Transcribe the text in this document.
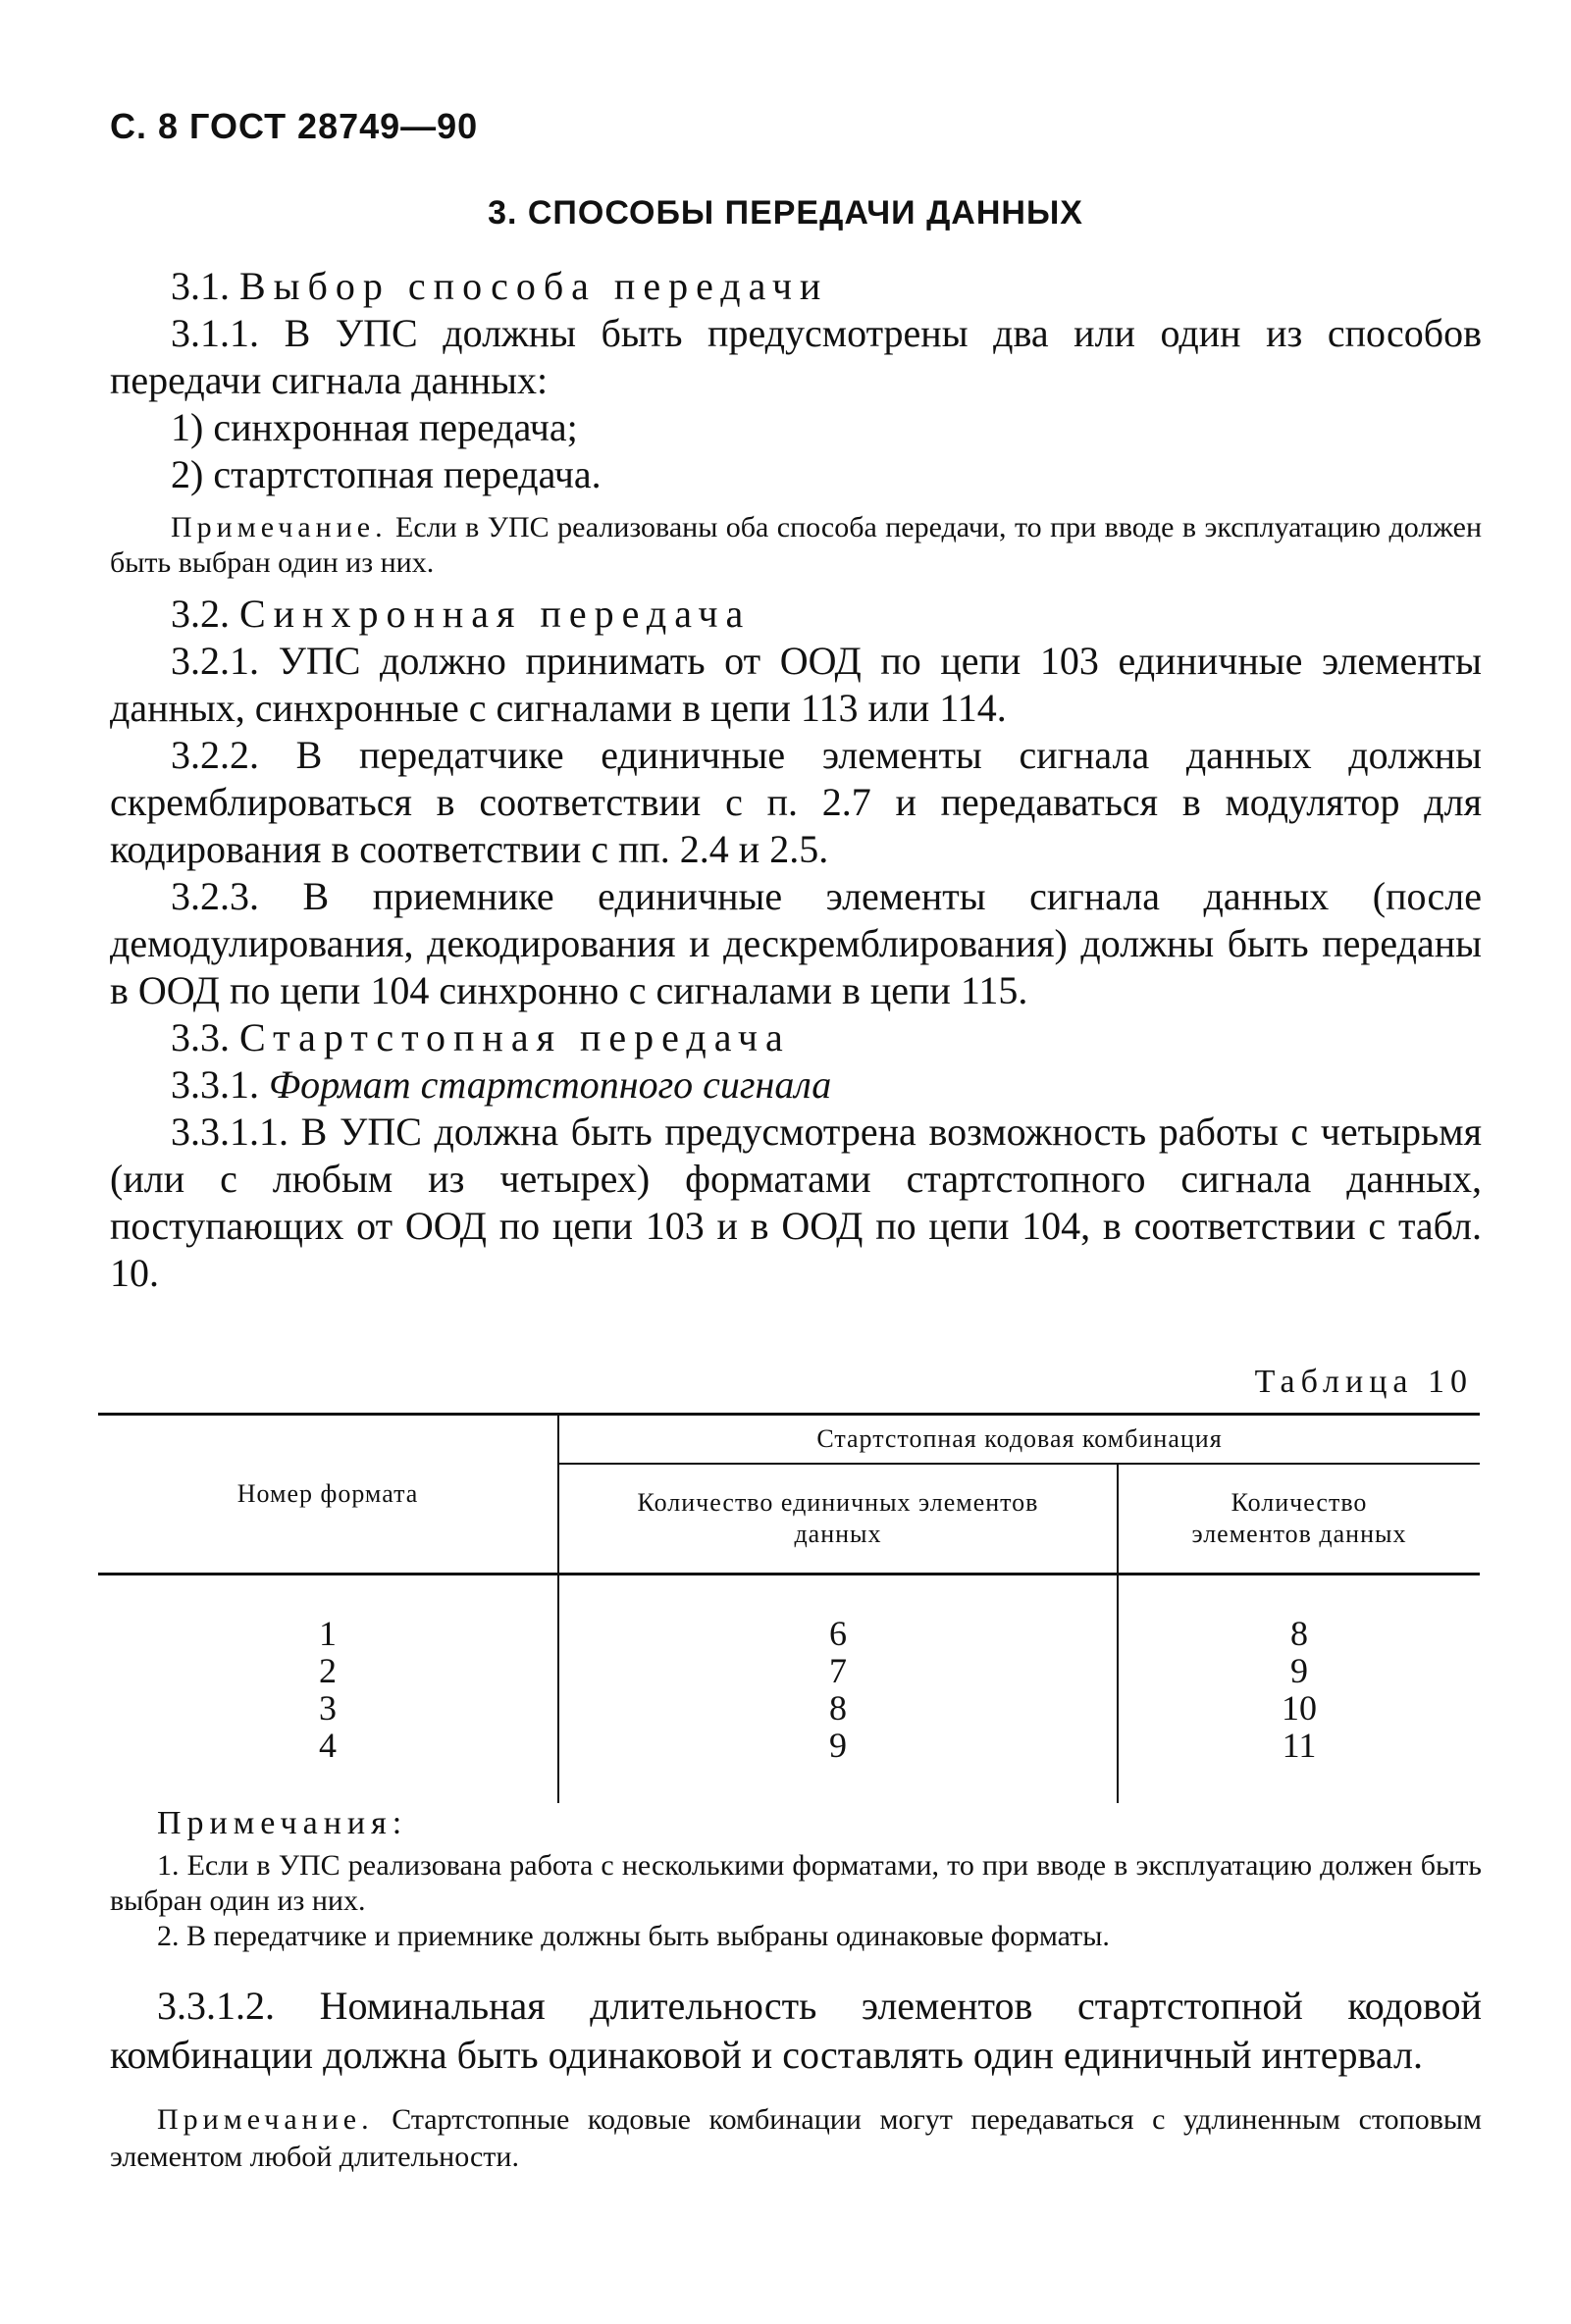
С. 8 ГОСТ 28749—90
3. СПОСОБЫ ПЕРЕДАЧИ ДАННЫХ

3.1. Выбор способа передачи

3.1.1. В УПС должны быть предусмотрены два или один из способов передачи сигнала данных:

1) синхронная передача;

2) стартстопная передача.

Примечание. Если в УПС реализованы оба способа передачи, то при вводе в эксплуатацию должен быть выбран один из них.

3.2. Синхронная передача

3.2.1. УПС должно принимать от ООД по цепи 103 единичные элементы данных, синхронные с сигналами в цепи 113 или 114.

3.2.2. В передатчике единичные элементы сигнала данных должны скремблироваться в соответствии с п. 2.7 и передаваться в модулятор для кодирования в соответствии с пп. 2.4 и 2.5.

3.2.3. В приемнике единичные элементы сигнала данных (после демодулирования, декодирования и дескремблирования) должны быть переданы в ООД по цепи 104 синхронно с сигналами в цепи 115.

3.3. Стартстопная передача

3.3.1. Формат стартстопного сигнала

3.3.1.1. В УПС должна быть предусмотрена возможность работы с четырьмя (или с любым из четырех) форматами стартстопного сигнала данных, поступающих от ООД по цепи 103 и в ООД по цепи 104, в соответствии с табл. 10.

Таблица 10
Номер формата	Стартстопная кодовая комбинация	
	Количество единичных элементов данных	Количество элементов данных

1	6	8
2	7	9
3	8	10
4	9	11

Примечания:

1. Если в УПС реализована работа с несколькими форматами, то при вводе в эксплуатацию должен быть выбран один из них.

2. В передатчике и приемнике должны быть выбраны одинаковые форматы.

3.3.1.2. Номинальная длительность элементов стартстопной кодовой комбинации должна быть одинаковой и составлять один единичный интервал.

Примечание. Стартстопные кодовые комбинации могут передаваться с удлиненным стоповым элементом любой длительности.
